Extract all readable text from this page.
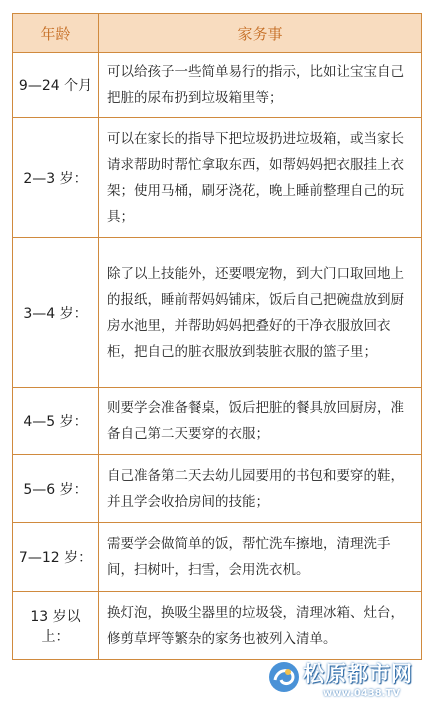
年龄	家务事
9—24 个月	可以给孩子一些简单易行的指示，比如让宝宝自己把脏的尿布扔到垃圾箱里等；
2—3 岁：	可以在家长的指导下把垃圾扔进垃圾箱，或当家长请求帮助时帮忙拿取东西，如帮妈妈把衣服挂上衣架；使用马桶，刷牙浇花，晚上睡前整理自己的玩具；
3—4 岁：	除了以上技能外，还要喂宠物，到大门口取回地上的报纸，睡前帮妈妈铺床，饭后自己把碗盘放到厨房水池里，并帮助妈妈把叠好的干净衣服放回衣柜，把自己的脏衣服放到装脏衣服的篮子里；
4—5 岁：	则要学会准备餐桌，饭后把脏的餐具放回厨房，准备自己第二天要穿的衣服；
5—6 岁：	自己准备第二天去幼儿园要用的书包和要穿的鞋，并且学会收拾房间的技能；
7—12 岁：	需要学会做简单的饭，帮忙洗车擦地，清理洗手间，扫树叶，扫雪，会用洗衣机。
13 岁以上：	换灯泡，换吸尘器里的垃圾袋，清理冰箱、灶台，修剪草坪等繁杂的家务也被列入清单。
松原都市网
www.0438.TV
